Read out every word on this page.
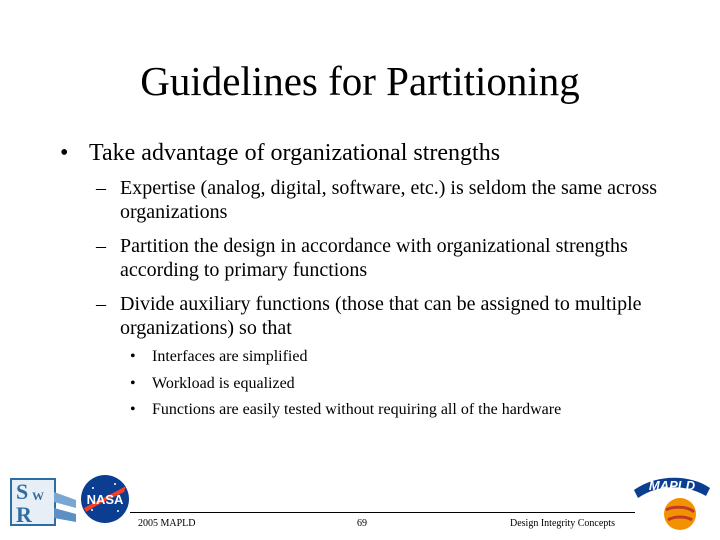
Guidelines for Partitioning
• Take advantage of organizational strengths
– Expertise (analog, digital, software, etc.) is seldom the same across organizations
– Partition the design in accordance with organizational strengths according to primary functions
– Divide auxiliary functions (those that can be assigned to multiple organizations) so that
• Interfaces are simplified
• Workload is equalized
• Functions are easily tested without requiring all of the hardware
S W
R
NASA
MAPLD
2005 MAPLD	69	Design Integrity Concepts
